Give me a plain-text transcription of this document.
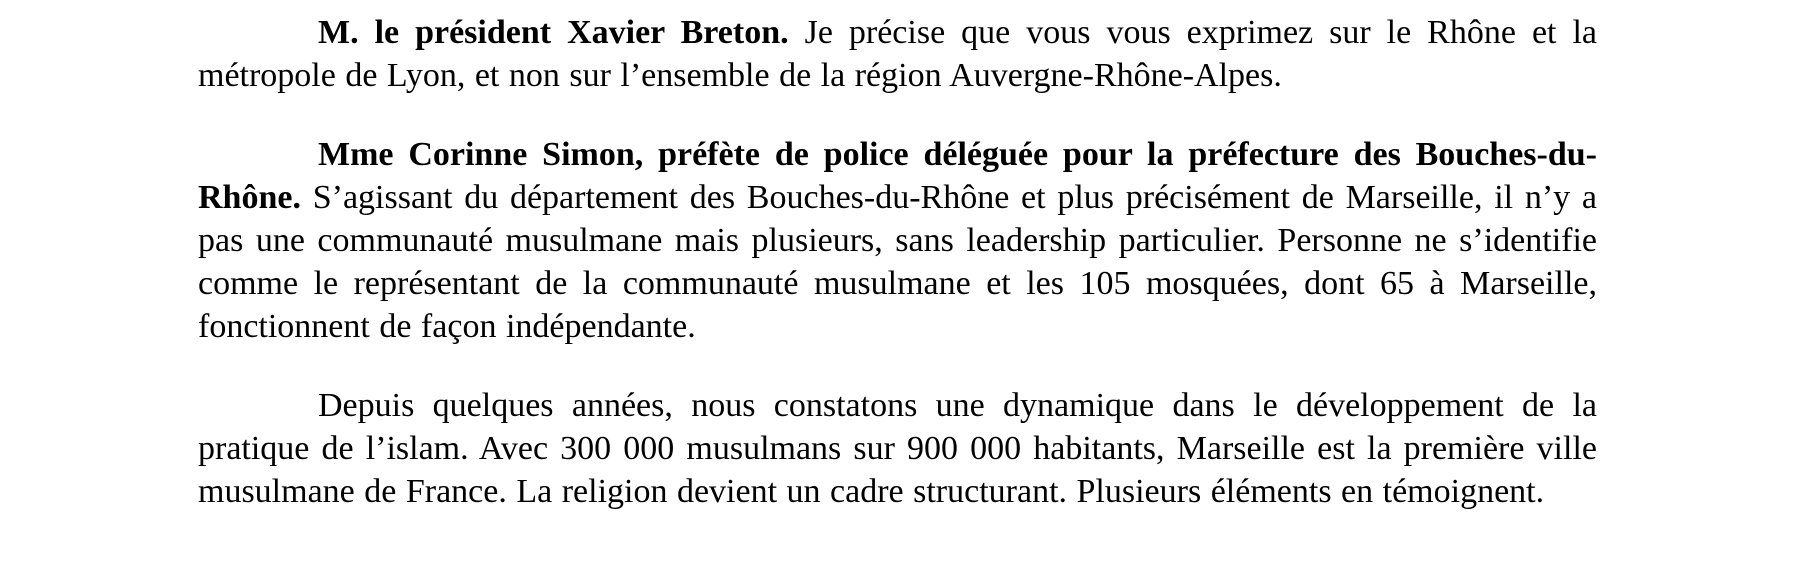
M. le président Xavier Breton. Je précise que vous vous exprimez sur le Rhône et la métropole de Lyon, et non sur l’ensemble de la région Auvergne-Rhône-Alpes.

Mme Corinne Simon, préfète de police déléguée pour la préfecture des Bouches-du-Rhône. S’agissant du département des Bouches-du-Rhône et plus précisément de Marseille, il n’y a pas une communauté musulmane mais plusieurs, sans leadership particulier. Personne ne s’identifie comme le représentant de la communauté musulmane et les 105 mosquées, dont 65 à Marseille, fonctionnent de façon indépendante.

Depuis quelques années, nous constatons une dynamique dans le développement de la pratique de l’islam. Avec 300 000 musulmans sur 900 000 habitants, Marseille est la première ville musulmane de France. La religion devient un cadre structurant. Plusieurs éléments en témoignent.
